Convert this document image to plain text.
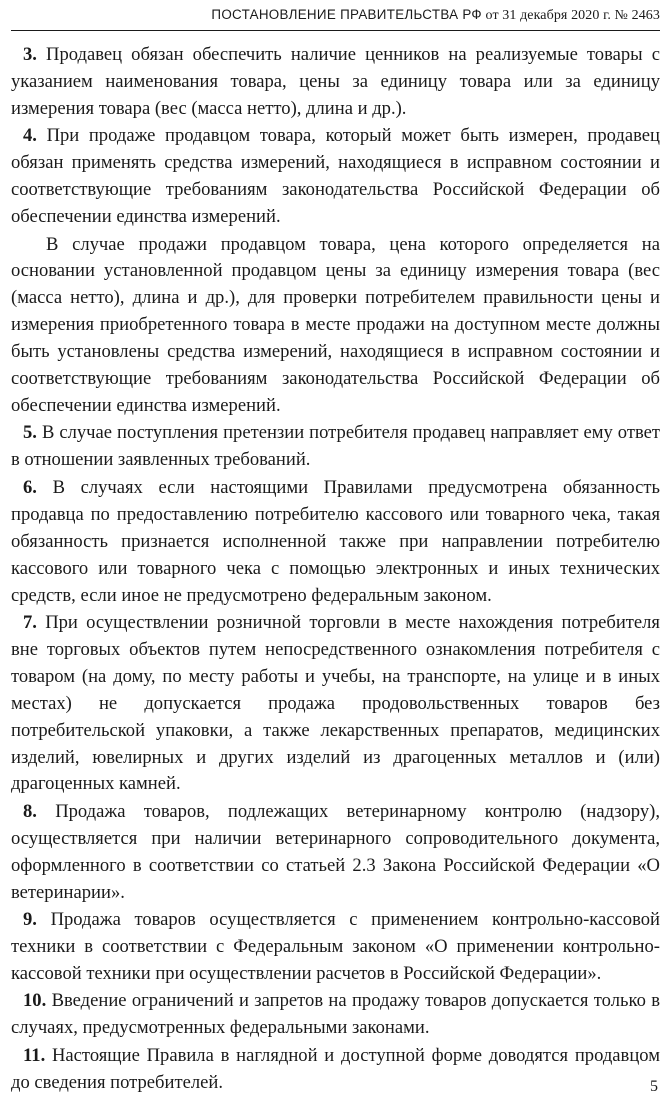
ПОСТАНОВЛЕНИЕ ПРАВИТЕЛЬСТВА РФ от 31 декабря 2020 г. № 2463

3. Продавец обязан обеспечить наличие ценников на реализуемые товары с указанием наименования товара, цены за единицу товара или за единицу измерения товара (вес (масса нетто), длина и др.).

4. При продаже продавцом товара, который может быть измерен, продавец обязан применять средства измерений, находящиеся в исправном состоянии и соответствующие требованиям законодательства Российской Федерации об обеспечении единства измерений.

В случае продажи продавцом товара, цена которого определяется на основании установленной продавцом цены за единицу измерения товара (вес (масса нетто), длина и др.), для проверки потребителем правильности цены и измерения приобретенного товара в месте продажи на доступном месте должны быть установлены средства измерений, находящиеся в исправном состоянии и соответствующие требованиям законодательства Российской Федерации об обеспечении единства измерений.

5. В случае поступления претензии потребителя продавец направляет ему ответ в отношении заявленных требований.

6. В случаях если настоящими Правилами предусмотрена обязанность продавца по предоставлению потребителю кассового или товарного чека, такая обязанность признается исполненной также при направлении потребителю кассового или товарного чека с помощью электронных и иных технических средств, если иное не предусмотрено федеральным законом.

7. При осуществлении розничной торговли в месте нахождения потребителя вне торговых объектов путем непосредственного ознакомления потребителя с товаром (на дому, по месту работы и учебы, на транспорте, на улице и в иных местах) не допускается продажа продовольственных товаров без потребительской упаковки, а также лекарственных препаратов, медицинских изделий, ювелирных и других изделий из драгоценных металлов и (или) драгоценных камней.

8. Продажа товаров, подлежащих ветеринарному контролю (надзору), осуществляется при наличии ветеринарного сопроводительного документа, оформленного в соответствии со статьей 2.3 Закона Российской Федерации «О ветеринарии».

9. Продажа товаров осуществляется с применением контрольно-кассовой техники в соответствии с Федеральным законом «О применении контрольно-кассовой техники при осуществлении расчетов в Российской Федерации».

10. Введение ограничений и запретов на продажу товаров допускается только в случаях, предусмотренных федеральными законами.

11. Настоящие Правила в наглядной и доступной форме доводятся продавцом до сведения потребителей.	5
